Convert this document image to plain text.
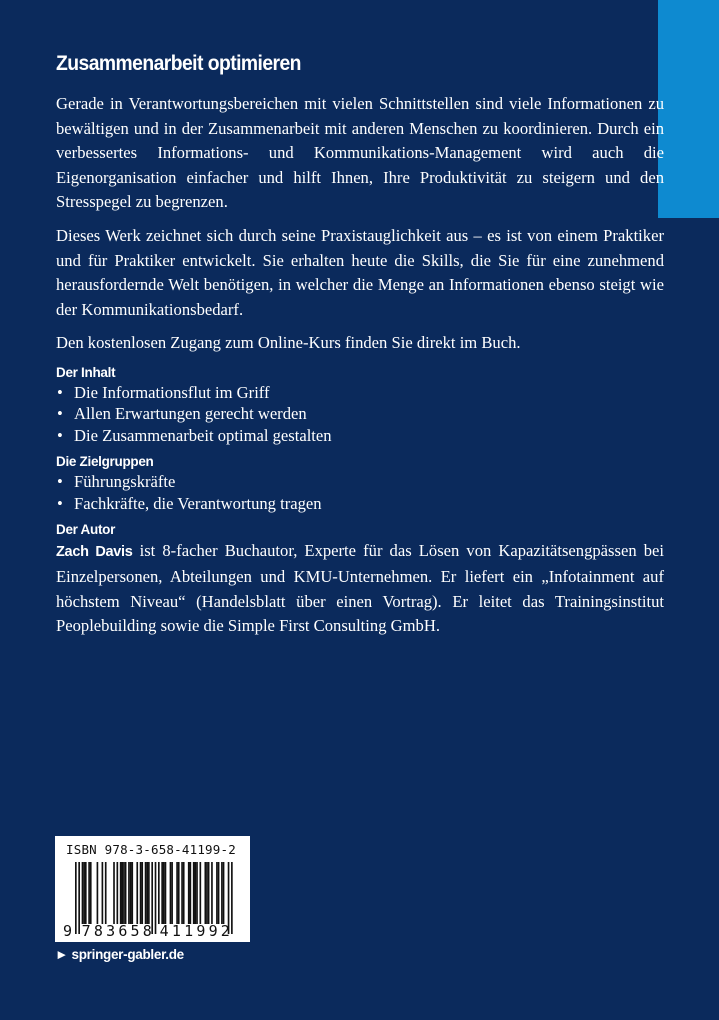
Zusammenarbeit optimieren

Gerade in Verantwortungsbereichen mit vielen Schnittstellen sind viele Informationen zu bewältigen und in der Zusammenarbeit mit anderen Menschen zu koordinieren. Durch ein verbessertes Informations- und Kommunikations-Management wird auch die Eigenorganisation einfacher und hilft Ihnen, Ihre Produktivität zu steigern und den Stresspegel zu begrenzen.

Dieses Werk zeichnet sich durch seine Praxistauglichkeit aus – es ist von einem Praktiker und für Praktiker entwickelt. Sie erhalten heute die Skills, die Sie für eine zunehmend herausfordernde Welt benötigen, in welcher die Menge an Informationen ebenso steigt wie der Kommunikationsbedarf.

Den kostenlosen Zugang zum Online-Kurs finden Sie direkt im Buch.

Der Inhalt
• Die Informationsflut im Griff
• Allen Erwartungen gerecht werden
• Die Zusammenarbeit optimal gestalten
Die Zielgruppen
• Führungskräfte
• Fachkräfte, die Verantwortung tragen
Der Autor

Zach Davis ist 8-facher Buchautor, Experte für das Lösen von Kapazitätsengpässen bei Einzelpersonen, Abteilungen und KMU-Unternehmen. Er liefert ein „Infotainment auf höchstem Niveau“ (Handelsblatt über einen Vortrag). Er leitet das Trainingsinstitut Peoplebuilding sowie die Simple First Consulting GmbH.

ISBN 978-3-658-41199-2
9 783658 411992
► springer-gabler.de
